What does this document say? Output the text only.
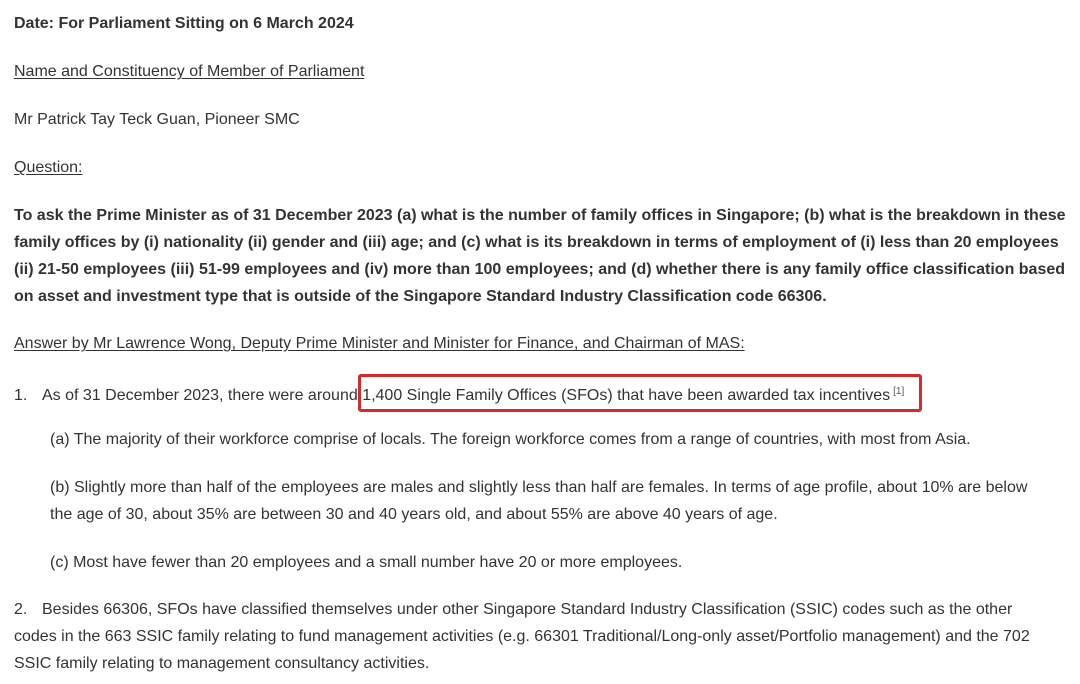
Date: For Parliament Sitting on 6 March 2024
Name and Constituency of Member of Parliament
Mr Patrick Tay Teck Guan, Pioneer SMC
Question:
To ask the Prime Minister as of 31 December 2023 (a) what is the number of family offices in Singapore; (b) what is the breakdown in these family offices by (i) nationality (ii) gender and (iii) age; and (c) what is its breakdown in terms of employment of (i) less than 20 employees (ii) 21-50 employees (iii) 51-99 employees and (iv) more than 100 employees; and (d) whether there is any family office classification based on asset and investment type that is outside of the Singapore Standard Industry Classification code 66306.
Answer by Mr Lawrence Wong, Deputy Prime Minister and Minister for Finance, and Chairman of MAS:
1. As of 31 December 2023, there were around 1,400 Single Family Offices (SFOs) that have been awarded tax incentives [1]
(a) The majority of their workforce comprise of locals. The foreign workforce comes from a range of countries, with most from Asia.
(b) Slightly more than half of the employees are males and slightly less than half are females. In terms of age profile, about 10% are below
the age of 30, about 35% are between 30 and 40 years old, and about 55% are above 40 years of age.
(c) Most have fewer than 20 employees and a small number have 20 or more employees.
2. Besides 66306, SFOs have classified themselves under other Singapore Standard Industry Classification (SSIC) codes such as the other
codes in the 663 SSIC family relating to fund management activities (e.g. 66301 Traditional/Long-only asset/Portfolio management) and the 702
SSIC family relating to management consultancy activities.
